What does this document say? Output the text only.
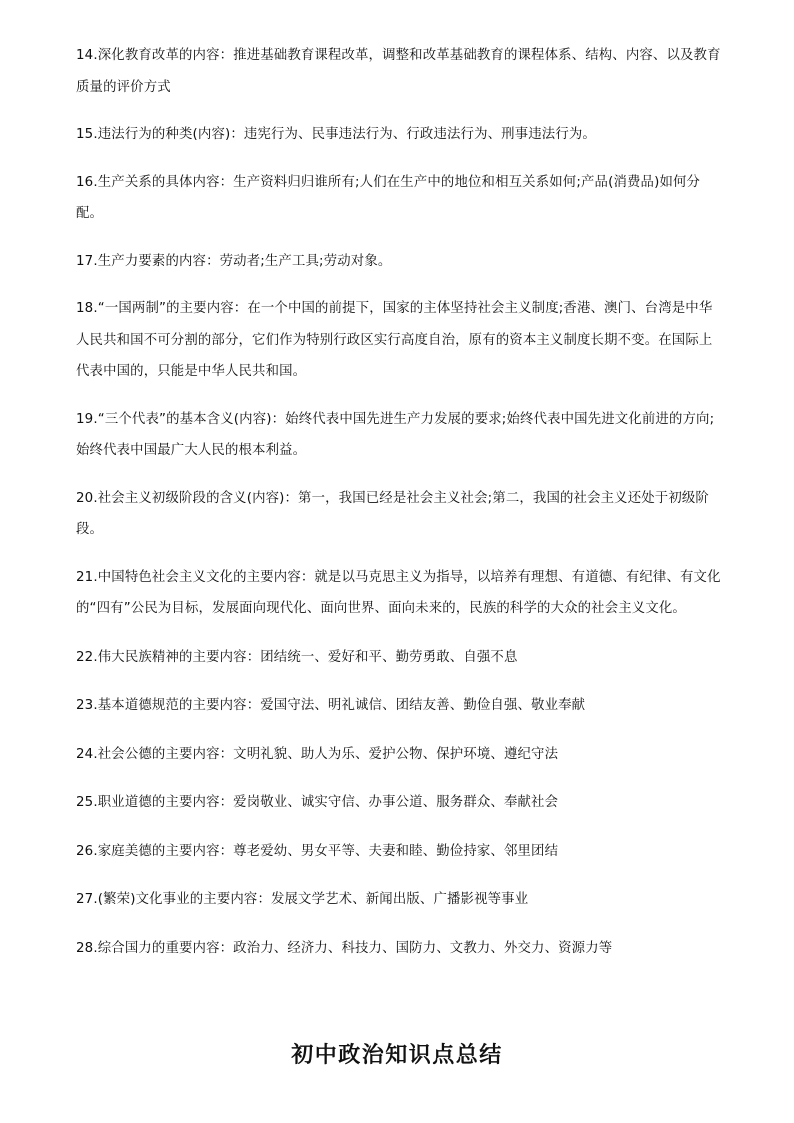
14.深化教育改革的内容：推进基础教育课程改革，调整和改革基础教育的课程体系、结构、内容、以及教育质量的评价方式

15.违法行为的种类(内容)：违宪行为、民事违法行为、行政违法行为、刑事违法行为。

16.生产关系的具体内容：生产资料归归谁所有;人们在生产中的地位和相互关系如何;产品(消费品)如何分配。

17.生产力要素的内容：劳动者;生产工具;劳动对象。

18.“一国两制”的主要内容：在一个中国的前提下，国家的主体坚持社会主义制度;香港、澳门、台湾是中华人民共和国不可分割的部分，它们作为特别行政区实行高度自治，原有的资本主义制度长期不变。在国际上代表中国的，只能是中华人民共和国。

19.“三个代表”的基本含义(内容)：始终代表中国先进生产力发展的要求;始终代表中国先进文化前进的方向;始终代表中国最广大人民的根本利益。

20.社会主义初级阶段的含义(内容)：第一，我国已经是社会主义社会;第二，我国的社会主义还处于初级阶段。

21.中国特色社会主义文化的主要内容：就是以马克思主义为指导，以培养有理想、有道德、有纪律、有文化的“四有”公民为目标，发展面向现代化、面向世界、面向未来的，民族的科学的大众的社会主义文化。

22.伟大民族精神的主要内容：团结统一、爱好和平、勤劳勇敢、自强不息

23.基本道德规范的主要内容：爱国守法、明礼诚信、团结友善、勤俭自强、敬业奉献

24.社会公德的主要内容：文明礼貌、助人为乐、爱护公物、保护环境、遵纪守法

25.职业道德的主要内容：爱岗敬业、诚实守信、办事公道、服务群众、奉献社会

26.家庭美德的主要内容：尊老爱幼、男女平等、夫妻和睦、勤俭持家、邻里团结

27.(繁荣)文化事业的主要内容：发展文学艺术、新闻出版、广播影视等事业

28.综合国力的重要内容：政治力、经济力、科技力、国防力、文教力、外交力、资源力等

初中政治知识点总结
